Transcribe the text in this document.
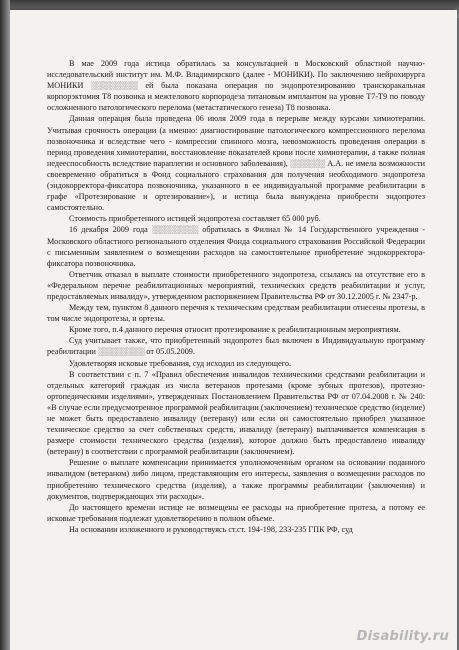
В мае 2009 года истица обратилась за консультацией в Московский областной научно-исследовательский институт им. М.Ф. Владимирского (далее - МОНИКИ). По заключению нейрохирурга МОНИКИ ░░░░░░░░ ей была показана операция по эндопротезированию транскоракальная корпорэктомия Т8 позвонка и межтелового корпородеза титановым имплантом на уровне Т7-Т9 по поводу осложненного патологического перелома (метастатического генеза) Т8 позвонка.

Данная операция была проведена 06 июля 2009 года в перерыве между курсами химиотерапии. Учитывая срочность операции (а именно: диагностирование патологического компрессионного перелома позвоночника и вследствие чего - компрессии спинного мозга, невозможность проведения операции в период проведения химиотерапии, восстановление показателей крови после химиотерапии, а также полная недееспособность вследствие параплегии и основного заболевания), ░░░░░░ А.А. не имела возможности своевременно обратиться в Фонд социального страхования для получения необходимого эндопротеза (эндокорректора-фиксатора позвоночника, указанного в ее индивидуальной программе реабилитации в графе «Протезирование и ортезирование»), и истица была вынуждена приобрести эндопротез самостоятельно.

Стоимость приобретенного истицей эндопротеза составляет 65 000 руб.

16 декабря 2009 года ░░░░░░░░ обратилась в Филиал № 14 Государственного учреждения - Московского областного регионального отделения Фонда социального страхования Российской Федерации с письменным заявлением о возмещении расходов на самостоятельное приобретение эндокорректора-фиксатора позвоночника.

Ответчик отказал в выплате стоимости приобретенного эндопротеза, ссылаясь на отсутствие его в «Федеральном перечне реабилитационных мероприятий, технических средств реабилитации и услуг, предоставляемых инвалиду», утвержденном распоряжением Правительства РФ от 30.12.2005 г. № 2347-р.

Между тем, пунктом 8 данного перечня к техническим средствам реабилитации отнесены протезы, в том числе эндопротезы, и ортезы.

Кроме того, п.4 данного перечня относит протезирование к реабилитационным мероприятиям.

Суд учитывает также, что приобретенный эндопротез был включен в Индивидуальную программу реабилитации ░░░░░░░░ от 05.05.2009.

Удовлетворяя исковые требования, суд исходил из следующего.

В соответствии с п. 7 «Правил обеспечения инвалидов техническими средствами реабилитации и отдельных категорий граждан из числа ветеранов протезами (кроме зубных протезов), протезно-ортопедическими изделиями», утвержденных Постановлением Правительства РФ от 07.04.2008 г. № 240: «В случае если предусмотренное программой реабилитации (заключением) техническое средство (изделие) не может быть предоставлено инвалиду (ветерану) или если он самостоятельно приобрел указанное техническое средство за счет собственных средств, инвалиду (ветерану) выплачивается компенсация в размере стоимости технического средства (изделия), которое должно быть предоставлено инвалиду (ветерану) в соответствии с программой реабилитации (заключением).

Решение о выплате компенсации принимается уполномоченным органом на основании поданного инвалидом (ветераном) либо лицом, представляющим его интересы, заявления о возмещении расходов по приобретению технического средства (изделия), а также программы реабилитации (заключения) и документов, подтверждающих эти расходы».

До настоящего времени истице не возмещены ее расходы на приобретение протеза, а потому ее исковые требования подлежат удовлетворению в полном объеме.

На основании изложенного и руководствуясь ст.ст. 194-198, 233-235 ГПК РФ, суд

Disability.ru
